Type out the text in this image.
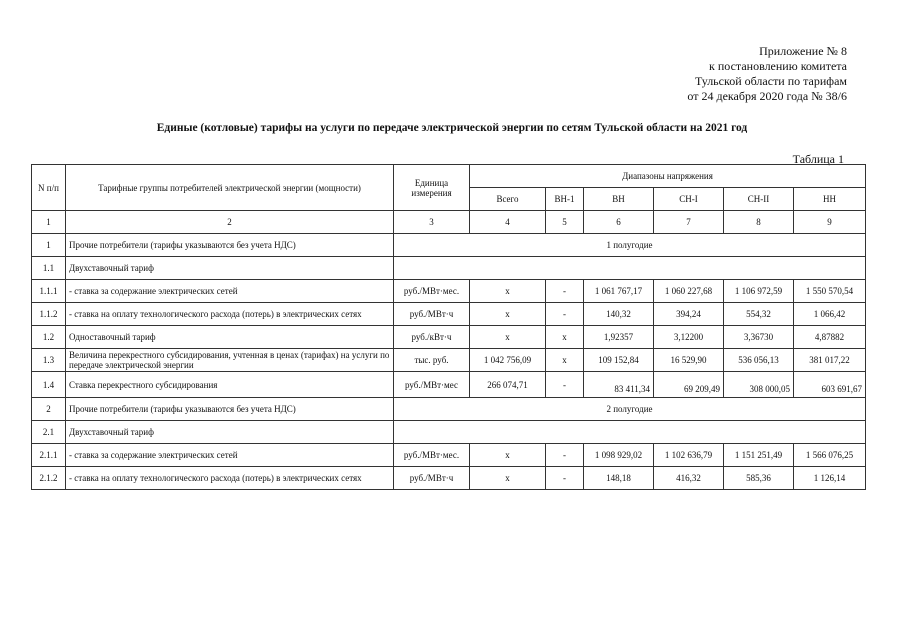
Приложение № 8
к постановлению комитета
Тульской области по тарифам
от 24 декабря 2020 года № 38/6
Единые (котловые) тарифы на услуги по передаче электрической энергии по сетям Тульской области на 2021 год
Таблица 1
N п/п	Тарифные группы потребителей электрической энергии (мощности)	Единица измерения	Диапазоны напряжения					
			Всего	ВН-1	ВН	СН-I	СН-II	НН
1	2	3	4	5	6	7	8	9
1	Прочие потребители (тарифы указываются без учета НДС)	1 полугодие						
1.1	Двухставочный тариф							
1.1.1	- ставка за содержание электрических сетей	руб./МВт·мес.	x	-	1 061 767,17	1 060 227,68	1 106 972,59	1 550 570,54
1.1.2	- ставка на оплату технологического расхода (потерь) в электрических сетях	руб./МВт·ч	x	-	140,32	394,24	554,32	1 066,42
1.2	Одноставочный тариф	руб./кВт·ч	x	x	1,92357	3,12200	3,36730	4,87882
1.3	Величина перекрестного субсидирования, учтенная в ценах (тарифах) на услуги по передаче электрической энергии	тыс. руб.	1 042 756,09	x	109 152,84	16 529,90	536 056,13	381 017,22
1.4	Ставка перекрестного субсидирования	руб./МВт·мес	266 074,71	-	83 411,34	69 209,49	308 000,05	603 691,67
2	Прочие потребители (тарифы указываются без учета НДС)	2 полугодие						
2.1	Двухставочный тариф							
2.1.1	- ставка за содержание электрических сетей	руб./МВт·мес.	x	-	1 098 929,02	1 102 636,79	1 151 251,49	1 566 076,25
2.1.2	- ставка на оплату технологического расхода (потерь) в электрических сетях	руб./МВт·ч	x	-	148,18	416,32	585,36	1 126,14
